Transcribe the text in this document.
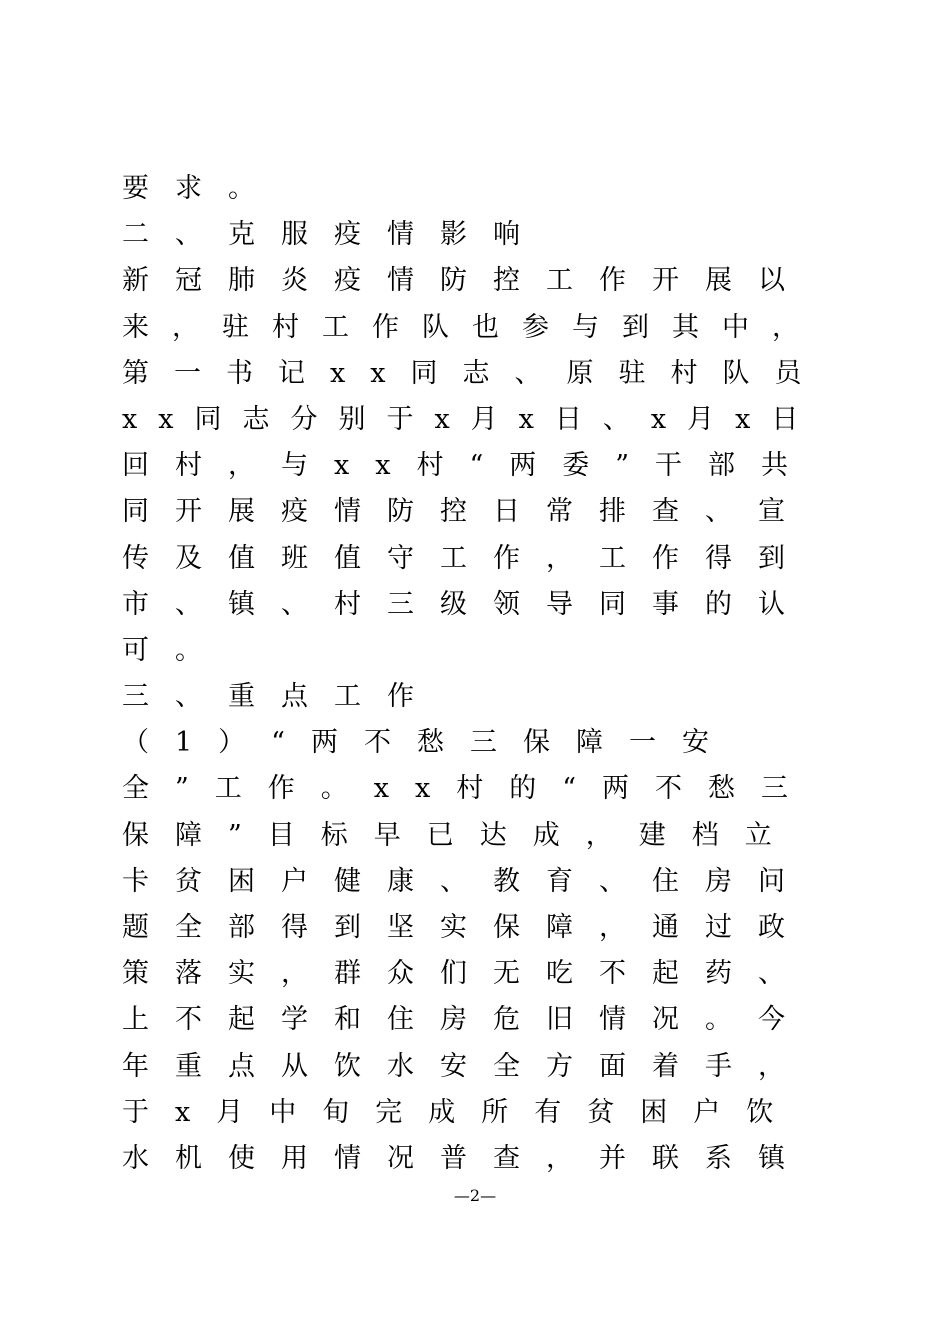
要求。
二、克服疫情影响
新冠肺炎疫情防控工作开展以
来，驻村工作队也参与到其中，
第一书记xx同志、原驻村队员
xx同志分别于x月x日、x月x日
回村，与xx村“两委”干部共
同开展疫情防控日常排查、宣
传及值班值守工作，工作得到
市、镇、村三级领导同事的认
可。
三、重点工作
（1）“两不愁三保障一安
全”工作。xx村的“两不愁三
保障”目标早已达成，建档立
卡贫困户健康、教育、住房问
题全部得到坚实保障，通过政
策落实，群众们无吃不起药、
上不起学和住房危旧情况。今
年重点从饮水安全方面着手，
于x月中旬完成所有贫困户饮
水机使用情况普查，并联系镇
—2—
